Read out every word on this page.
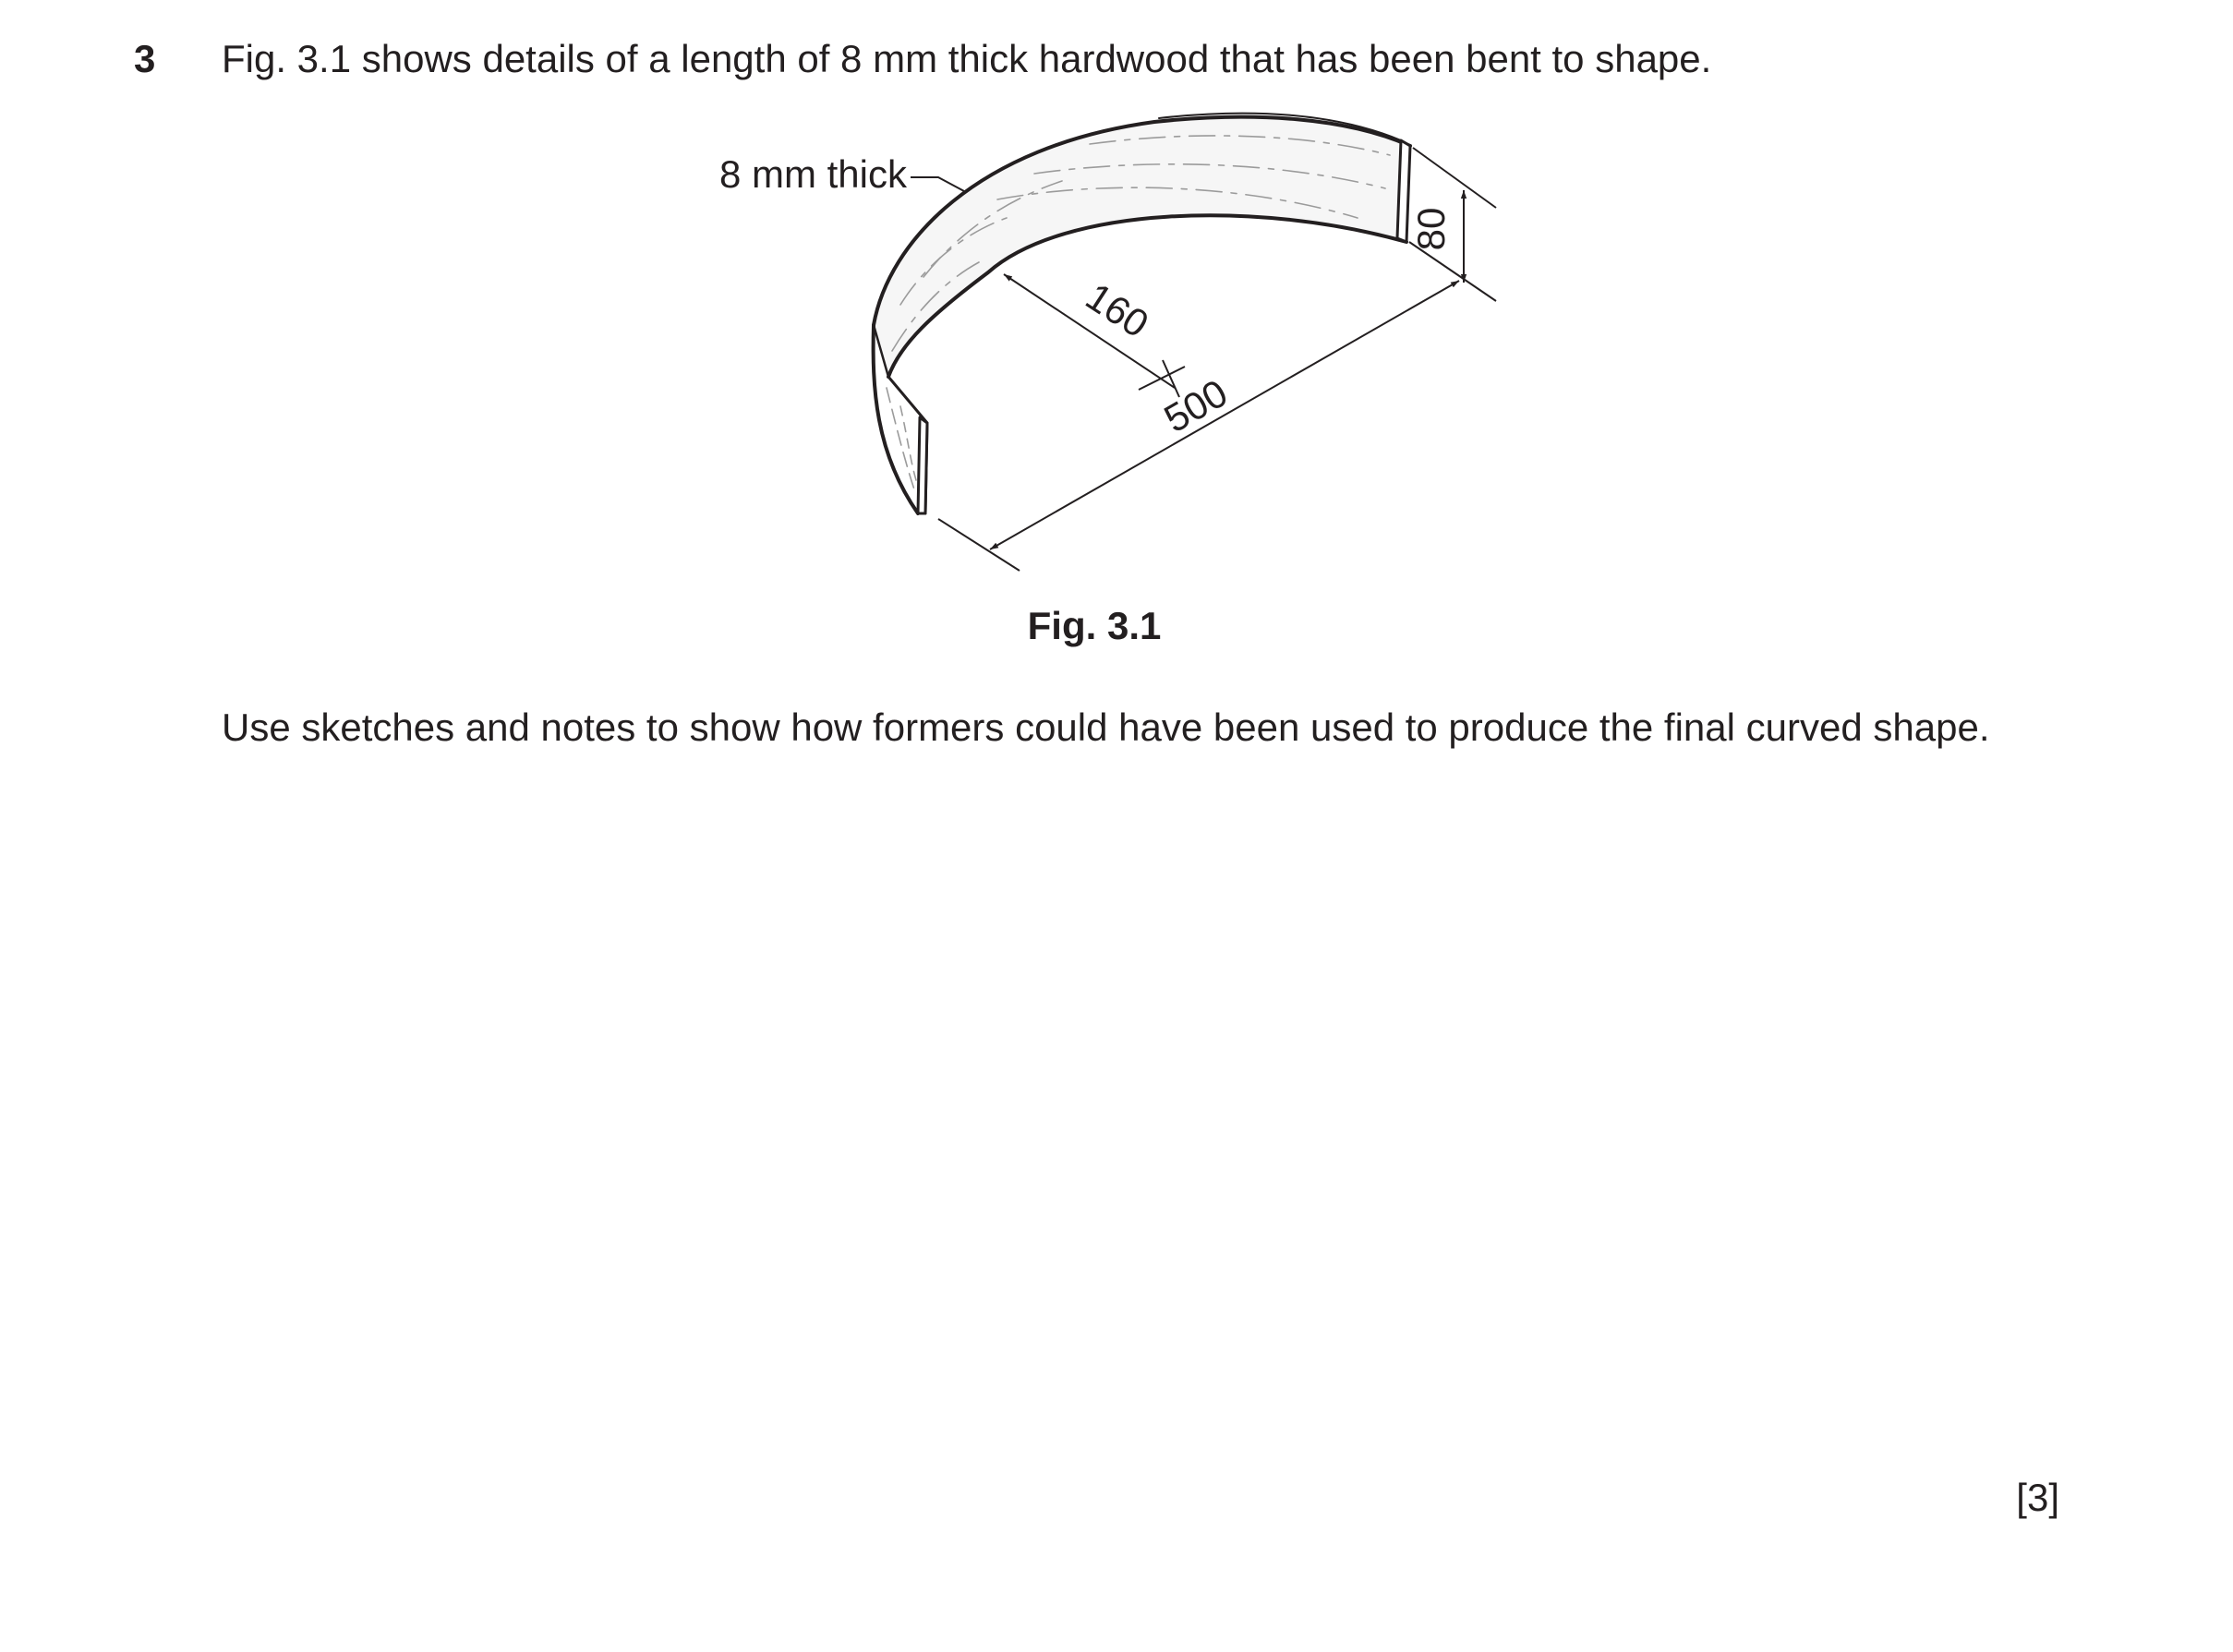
3 Fig. 3.1 shows details of a length of 8 mm thick hardwood that has been bent to shape.
8 mm thick
160
500
80
Fig. 3.1
Use sketches and notes to show how formers could have been used to produce the final curved shape.
[3]
